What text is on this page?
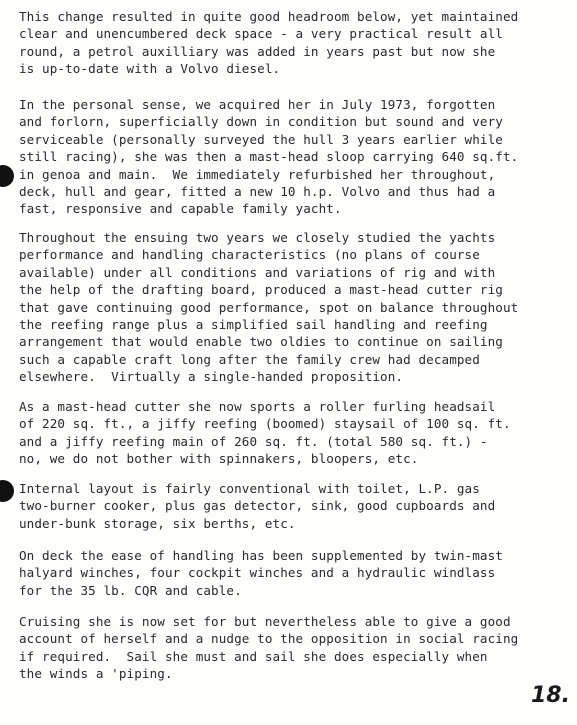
This change resulted in quite good headroom below, yet maintained
clear and unencumbered deck space - a very practical result all
round, a petrol auxilliary was added in years past but now she
is up-to-date with a Volvo diesel.
In the personal sense, we acquired her in July 1973, forgotten
and forlorn, superficially down in condition but sound and very
serviceable (personally surveyed the hull 3 years earlier while
still racing), she was then a mast-head sloop carrying 640 sq.ft.
in genoa and main.  We immediately refurbished her throughout,
deck, hull and gear, fitted a new 10 h.p. Volvo and thus had a
fast, responsive and capable family yacht.
Throughout the ensuing two years we closely studied the yachts
performance and handling characteristics (no plans of course
available) under all conditions and variations of rig and with
the help of the drafting board, produced a mast-head cutter rig
that gave continuing good performance, spot on balance throughout
the reefing range plus a simplified sail handling and reefing
arrangement that would enable two oldies to continue on sailing
such a capable craft long after the family crew had decamped
elsewhere.  Virtually a single-handed proposition.
As a mast-head cutter she now sports a roller furling headsail
of 220 sq. ft., a jiffy reefing (boomed) staysail of 100 sq. ft.
and a jiffy reefing main of 260 sq. ft. (total 580 sq. ft.) -
no, we do not bother with spinnakers, bloopers, etc.
Internal layout is fairly conventional with toilet, L.P. gas
two-burner cooker, plus gas detector, sink, good cupboards and
under-bunk storage, six berths, etc.
On deck the ease of handling has been supplemented by twin-mast
halyard winches, four cockpit winches and a hydraulic windlass
for the 35 lb. CQR and cable.
Cruising she is now set for but nevertheless able to give a good
account of herself and a nudge to the opposition in social racing
if required.  Sail she must and sail she does especially when
the winds a 'piping.
18.
